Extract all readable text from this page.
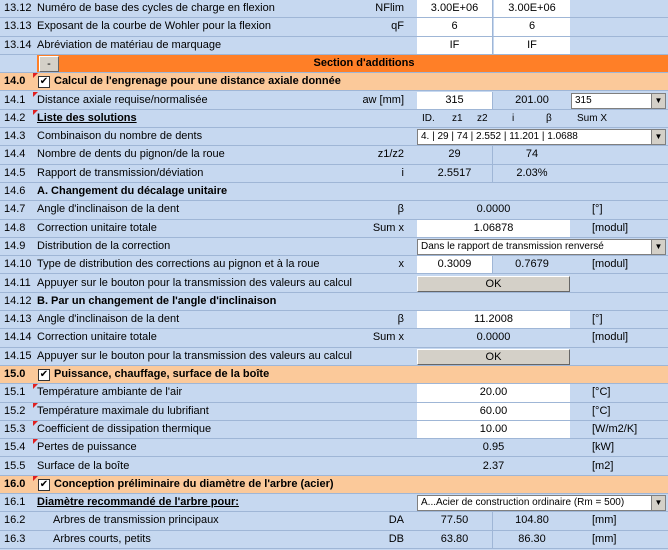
13.12 Numéro de base des cycles de charge en flexion	NFlim	3.00E+06	3.00E+06
13.13 Exposant de la courbe de Wohler pour la flexion	qF	6	6
13.14 Abréviation de matériau de marquage	IF	IF
-	Section d'additions
14.0	✔ Calcul de l'engrenage pour une distance axiale donnée
14.1	Distance axiale requise/normalisée	aw [mm]	315	201.00	315	▼
14.2	Liste des solutions	ID. z1 z2 i	β	Sum X
14.3	Combinaison du nombre de dents	4. | 29 | 74 | 2.552 | 11.201 | 1.0688	▼
14.4	Nombre de dents du pignon/de la roue	z1/z2	29	74
14.5	Rapport de transmission/déviation	i	2.5517	2.03%
14.6	A. Changement du décalage unitaire
14.7	Angle d'inclinaison de la dent	β	0.0000	[°]
14.8	Correction unitaire totale	Sum x	1.06878	[modul]
14.9	Distribution de la correction	Dans le rapport de transmission renversé	▼
14.10 Type de distribution des corrections au pignon et à la roue	x	0.3009	0.7679	[modul]
14.11 Appuyer sur le bouton pour la transmission des valeurs au calcul	OK
14.12 B. Par un changement de l'angle d'inclinaison
14.13 Angle d'inclinaison de la dent	β	11.2008	[°]
14.14 Correction unitaire totale	Sum x	0.0000	[modul]
14.15 Appuyer sur le bouton pour la transmission des valeurs au calcul	OK
15.0	✔ Puissance, chauffage, surface de la boîte
15.1	Température ambiante de l'air	20.00	[°C]
15.2	Température maximale du lubrifiant	60.00	[°C]
15.3	Coefficient de dissipation thermique	10.00	[W/m2/K]
15.4	Pertes de puissance	0.95	[kW]
15.5	Surface de la boîte	2.37	[m2]
16.0	✔ Conception préliminaire du diamètre de l'arbre (acier)
16.1	Diamètre recommandé de l'arbre pour:	A...Acier de construction ordinaire (Rm = 500)	▼
16.2	Arbres de transmission principaux	DA	77.50	104.80	[mm]
16.3	Arbres courts, petits	DB	63.80	86.30	[mm]
